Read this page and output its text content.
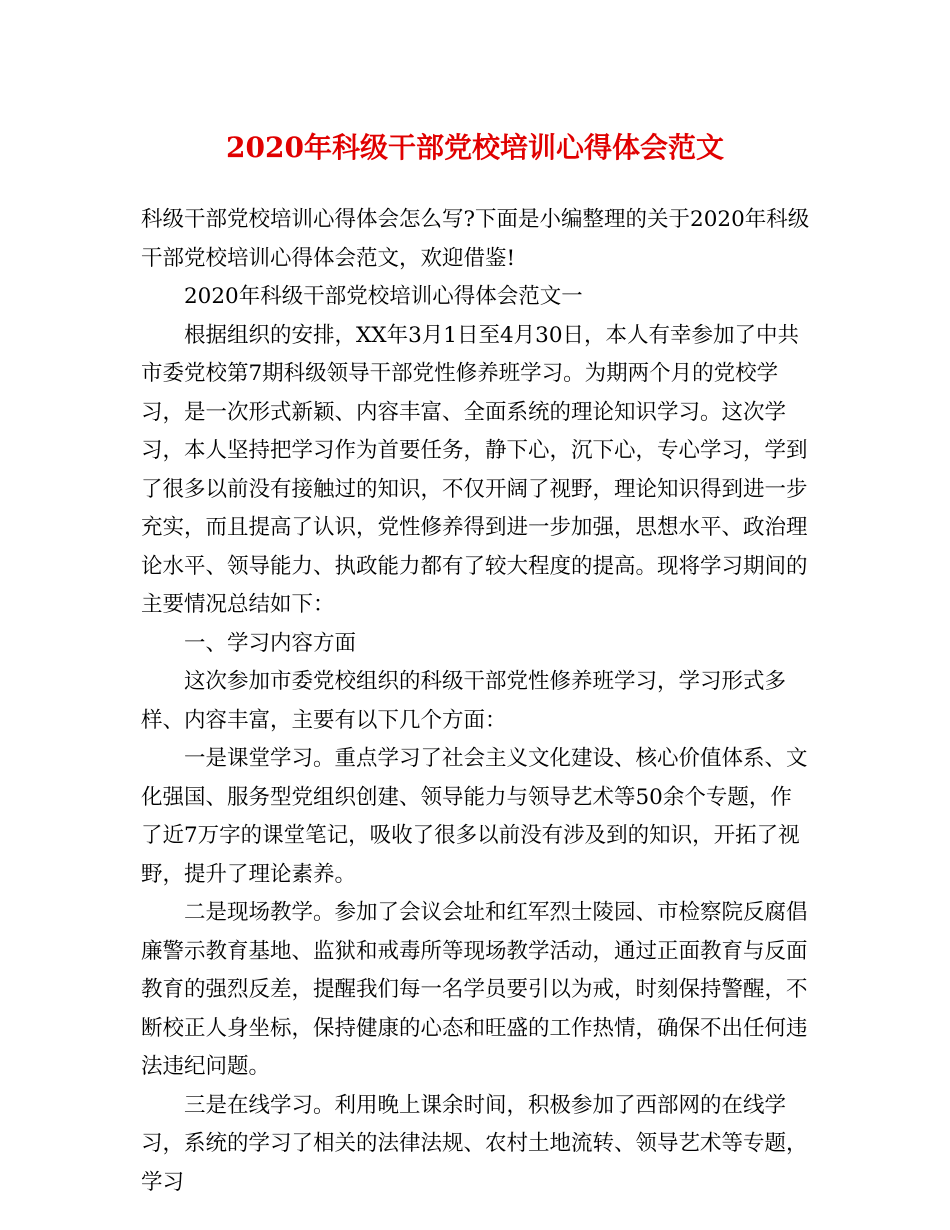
2020年科级干部党校培训心得体会范文

科级干部党校培训心得体会怎么写?下面是小编整理的关于2020年科级干部党校培训心得体会范文，欢迎借鉴!

2020年科级干部党校培训心得体会范文一

根据组织的安排，XX年3月1日至4月30日，本人有幸参加了中共市委党校第7期科级领导干部党性修养班学习。为期两个月的党校学习，是一次形式新颖、内容丰富、全面系统的理论知识学习。这次学习，本人坚持把学习作为首要任务，静下心，沉下心，专心学习，学到了很多以前没有接触过的知识，不仅开阔了视野，理论知识得到进一步充实，而且提高了认识，党性修养得到进一步加强，思想水平、政治理论水平、领导能力、执政能力都有了较大程度的提高。现将学习期间的主要情况总结如下：

一、学习内容方面

这次参加市委党校组织的科级干部党性修养班学习，学习形式多样、内容丰富，主要有以下几个方面：

一是课堂学习。重点学习了社会主义文化建设、核心价值体系、文化强国、服务型党组织创建、领导能力与领导艺术等50余个专题，作了近7万字的课堂笔记，吸收了很多以前没有涉及到的知识，开拓了视野，提升了理论素养。

二是现场教学。参加了会议会址和红军烈士陵园、市检察院反腐倡廉警示教育基地、监狱和戒毒所等现场教学活动，通过正面教育与反面教育的强烈反差，提醒我们每一名学员要引以为戒，时刻保持警醒，不断校正人身坐标，保持健康的心态和旺盛的工作热情，确保不出任何违法违纪问题。

三是在线学习。利用晚上课余时间，积极参加了西部网的在线学习，系统的学习了相关的法律法规、农村土地流转、领导艺术等专题，学习
